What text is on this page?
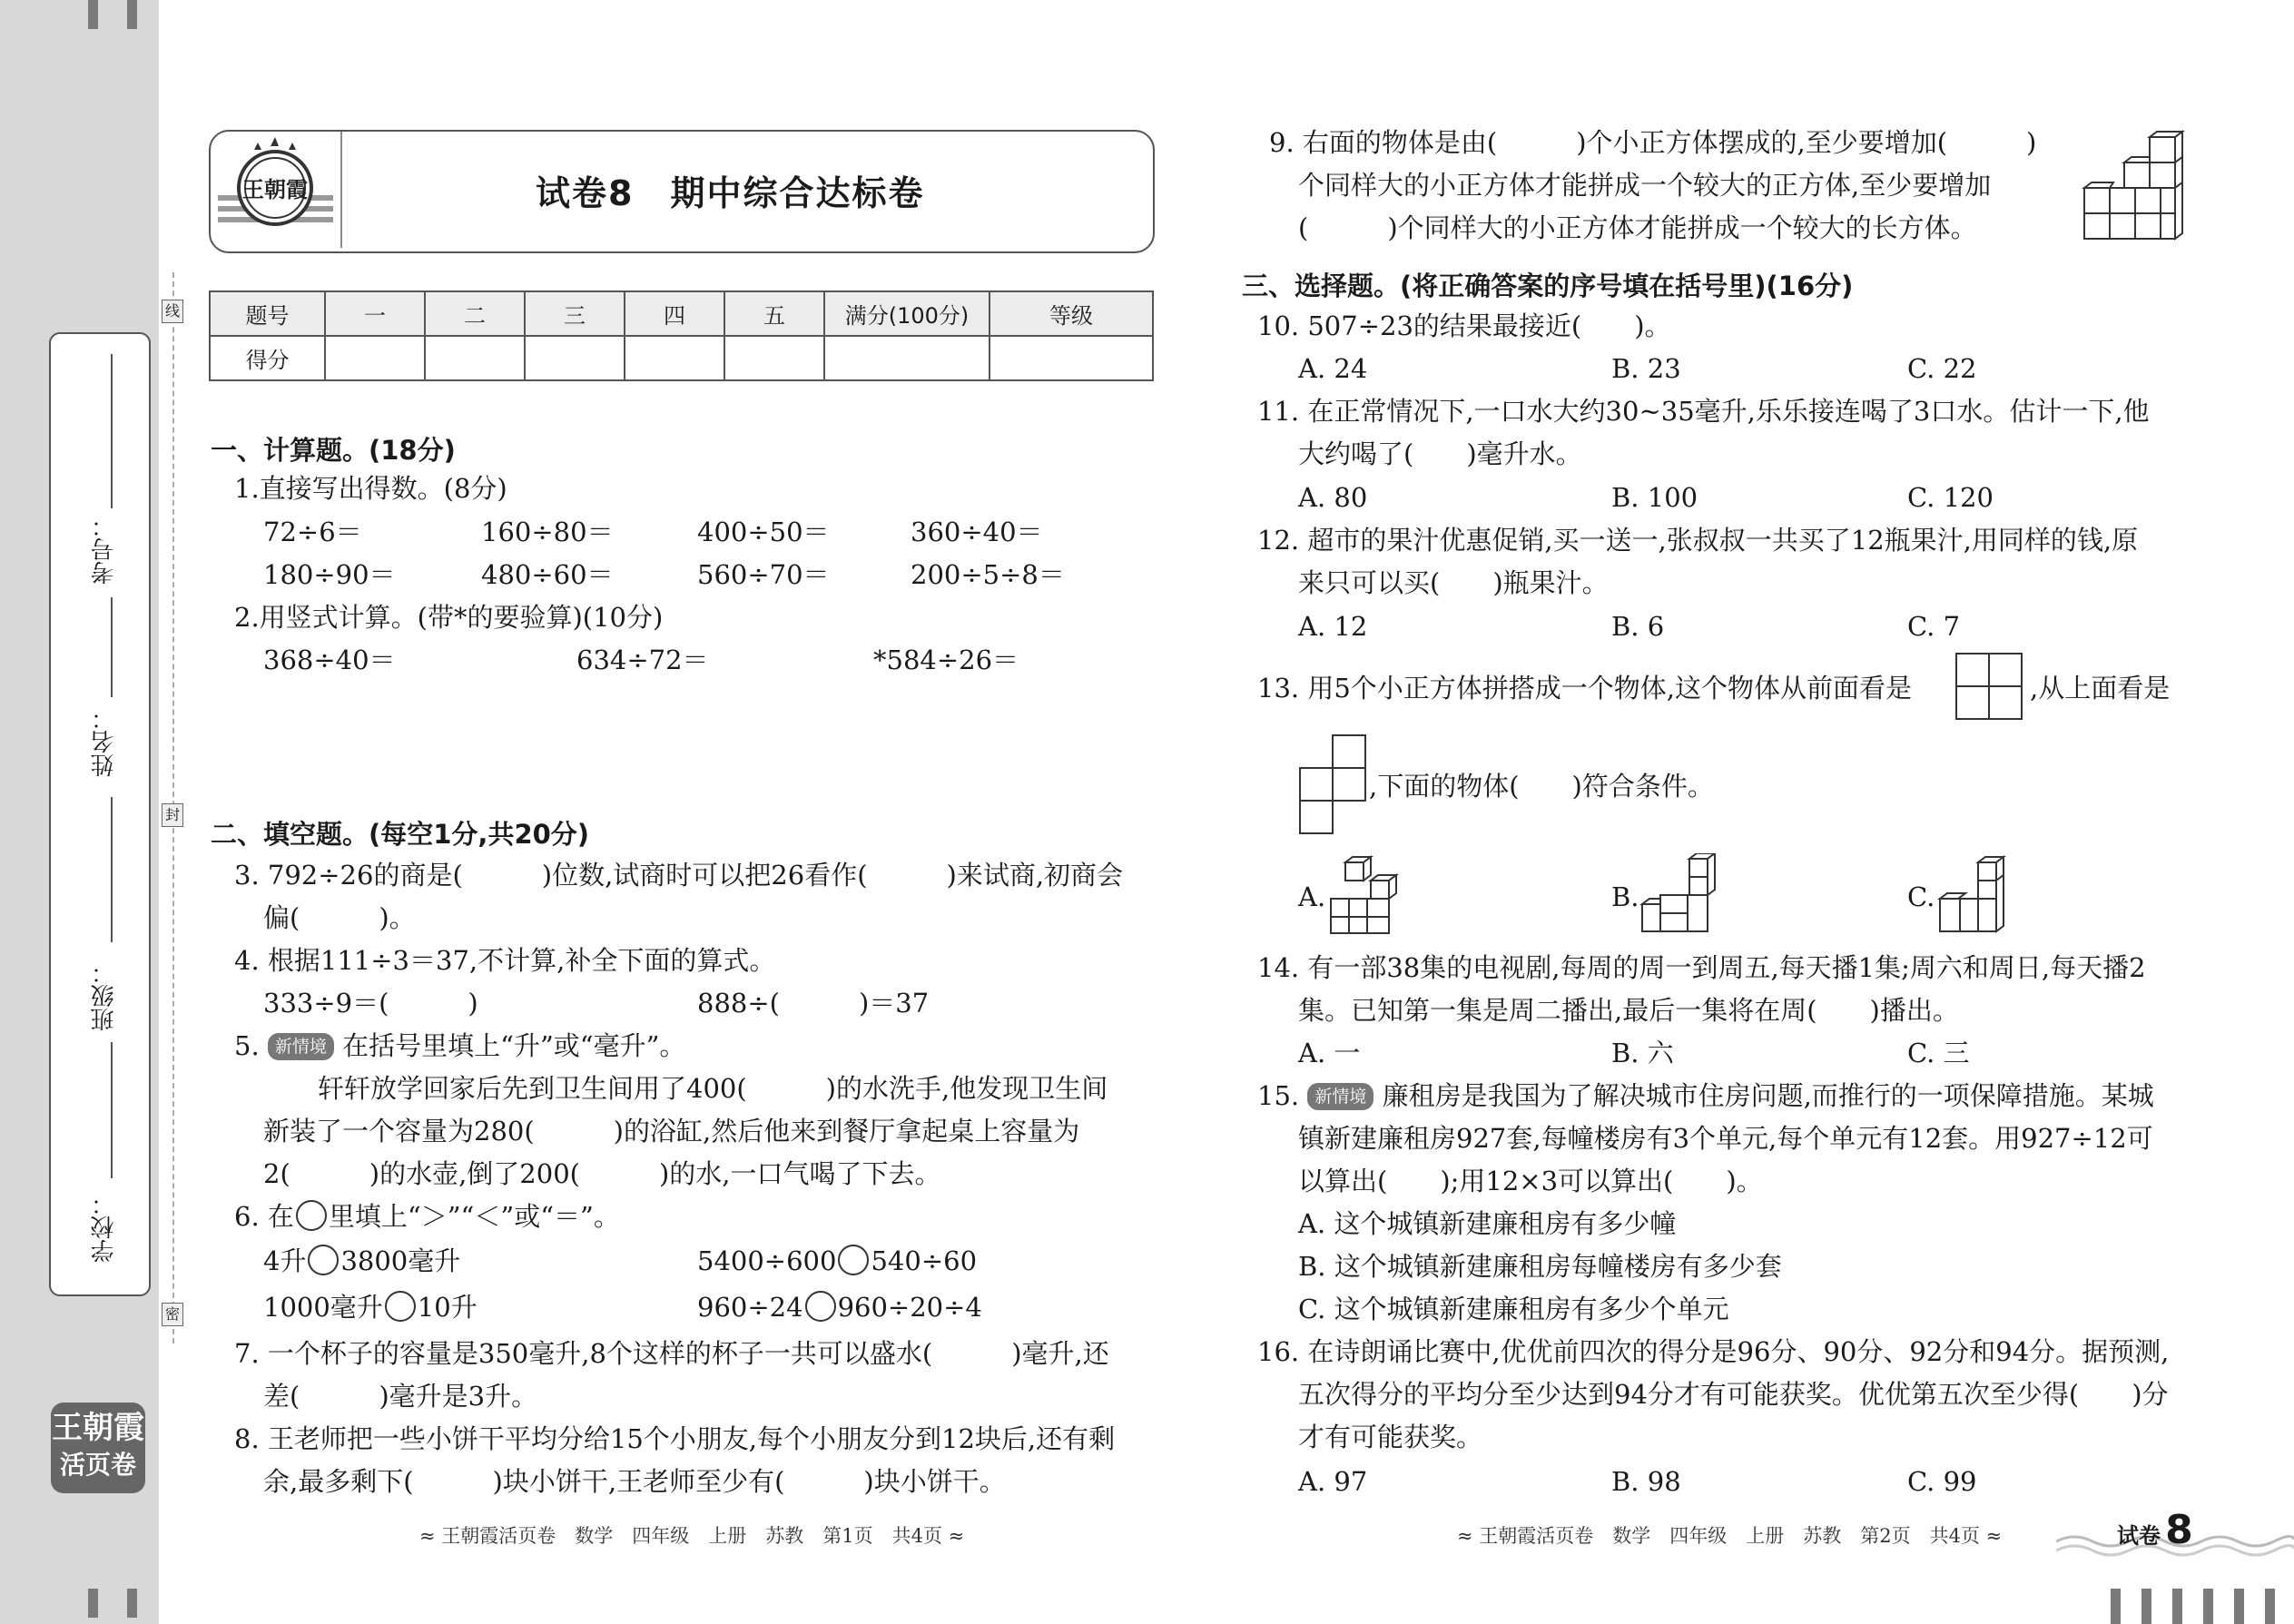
线
封
密
考号：
姓名：
班级：
学校：
王朝霞
活页卷
王朝霞	试卷8　期中综合达标卷
题号	一	二	三	四	五	满分(100分)	等级
得分							
一、计算题。(18分)
1.直接写出得数。(8分)
72÷6＝	160÷80＝	400÷50＝	360÷40＝
180÷90＝	480÷60＝	560÷70＝	200÷5÷8＝
2.用竖式计算。(带*的要验算)(10分)
368÷40＝	634÷72＝	*584÷26＝
二、填空题。(每空1分,共20分)
3. 792÷26的商是(　　　)位数,试商时可以把26看作(　　　)来试商,初商会
偏(　　　)。
4. 根据111÷3＝37,不计算,补全下面的算式。
333÷9＝(　　　)	888÷(　　　)＝37
5. 新情境 在括号里填上“升”或“毫升”。
轩轩放学回家后先到卫生间用了400(　　　)的水洗手,他发现卫生间
新装了一个容量为280(　　　)的浴缸,然后他来到餐厅拿起桌上容量为
2(　　　)的水壶,倒了200(　　　)的水,一口气喝了下去。
6. 在 里填上“＞”“＜”或“＝”。
4升 3800毫升	5400÷600 540÷60
1000毫升 10升	960÷24 960÷20÷4
7. 一个杯子的容量是350毫升,8个这样的杯子一共可以盛水(　　　)毫升,还
差(　　　)毫升是3升。
8. 王老师把一些小饼干平均分给15个小朋友,每个小朋友分到12块后,还有剩
余,最多剩下(　　　)块小饼干,王老师至少有(　　　)块小饼干。
≈ 王朝霞活页卷　数学　四年级　上册　苏教　第1页　共4页 ≈
9. 右面的物体是由(　　　)个小正方体摆成的,至少要增加(　　　)
个同样大的小正方体才能拼成一个较大的正方体,至少要增加
(　　　)个同样大的小正方体才能拼成一个较大的长方体。
三、选择题。(将正确答案的序号填在括号里)(16分)
10. 507÷23的结果最接近(　　)。
A. 24	B. 23	C. 22
11. 在正常情况下,一口水大约30~35毫升,乐乐接连喝了3口水。估计一下,他
大约喝了(　　)毫升水。
A. 80	B. 100	C. 120
12. 超市的果汁优惠促销,买一送一,张叔叔一共买了12瓶果汁,用同样的钱,原
来只可以买(　　)瓶果汁。
A. 12	B. 6	C. 7
13. 用5个小正方体拼搭成一个物体,这个物体从前面看是	,从上面看是
,下面的物体(　　)符合条件。
A.	B.	C.
14. 有一部38集的电视剧,每周的周一到周五,每天播1集;周六和周日,每天播2
集。已知第一集是周二播出,最后一集将在周(　　)播出。
A. 一	B. 六	C. 三
15. 新情境 廉租房是我国为了解决城市住房问题,而推行的一项保障措施。某城
镇新建廉租房927套,每幢楼房有3个单元,每个单元有12套。用927÷12可
以算出(　　);用12×3可以算出(　　)。
A. 这个城镇新建廉租房有多少幢
B. 这个城镇新建廉租房每幢楼房有多少套
C. 这个城镇新建廉租房有多少个单元
16. 在诗朗诵比赛中,优优前四次的得分是96分、90分、92分和94分。据预测,
五次得分的平均分至少达到94分才有可能获奖。优优第五次至少得(　　)分
才有可能获奖。
A. 97	B. 98	C. 99
≈ 王朝霞活页卷　数学　四年级　上册　苏教　第2页　共4页 ≈	试卷 8
